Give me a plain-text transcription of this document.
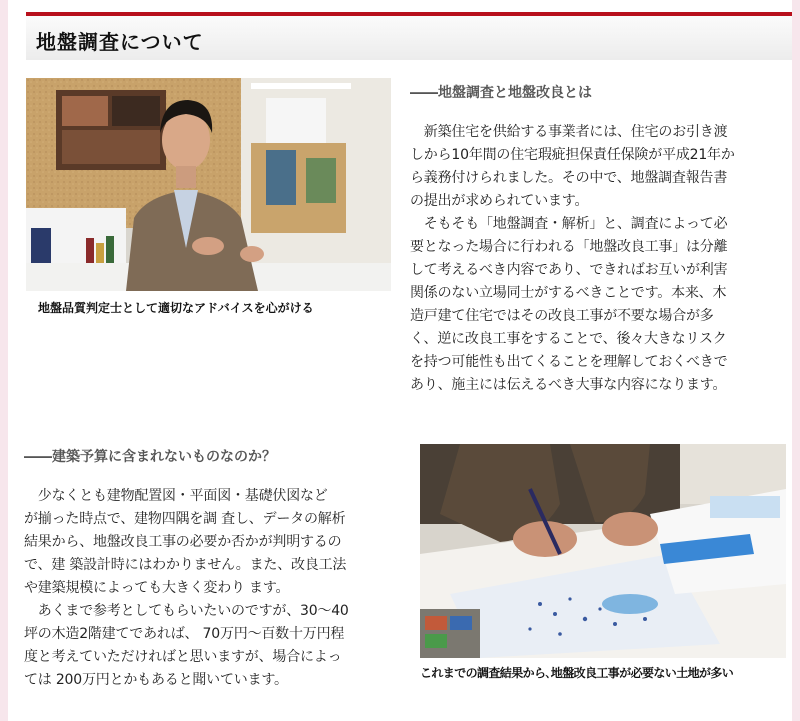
地盤調査について
地盤品質判定士として適切なアドバイスを心がける
――地盤調査と地盤改良とは

　新築住宅を供給する事業者には、住宅のお引き渡

しから10年間の住宅瑕疵担保責任保険が平成21年か

ら義務付けられました。その中で、地盤調査報告書

の提出が求められています。

　そもそも「地盤調査・解析」と、調査によって必

要となった場合に行われる「地盤改良工事」は分離

して考えるべき内容であり、できればお互いが利害

関係のない立場同士がするべきことです。本来、木

造戸建て住宅ではその改良工事が不要な場合が多

く、逆に改良工事をすることで、後々大きなリスク

を持つ可能性も出てくることを理解しておくべきで

あり、施主には伝えるべき大事な内容になります。

――建築予算に含まれないものなのか？

　少なくとも建物配置図・平面図・基礎伏図など

が揃った時点で、建物四隅を調 査し、データの解析

結果から、地盤改良工事の必要か否かが判明するの

で、建 築設計時にはわかりません。また、改良工法

や建築規模によっても大きく変わり ます。

　あくまで参考としてもらいたいのですが、30～40

坪の木造2階建てであれば、 70万円～百数十万円程

度と考えていただければと思いますが、場合によっ

ては 200万円とかもあると聞いています。	これまでの調査結果から､地盤改良工事が必要ない土地が多い
